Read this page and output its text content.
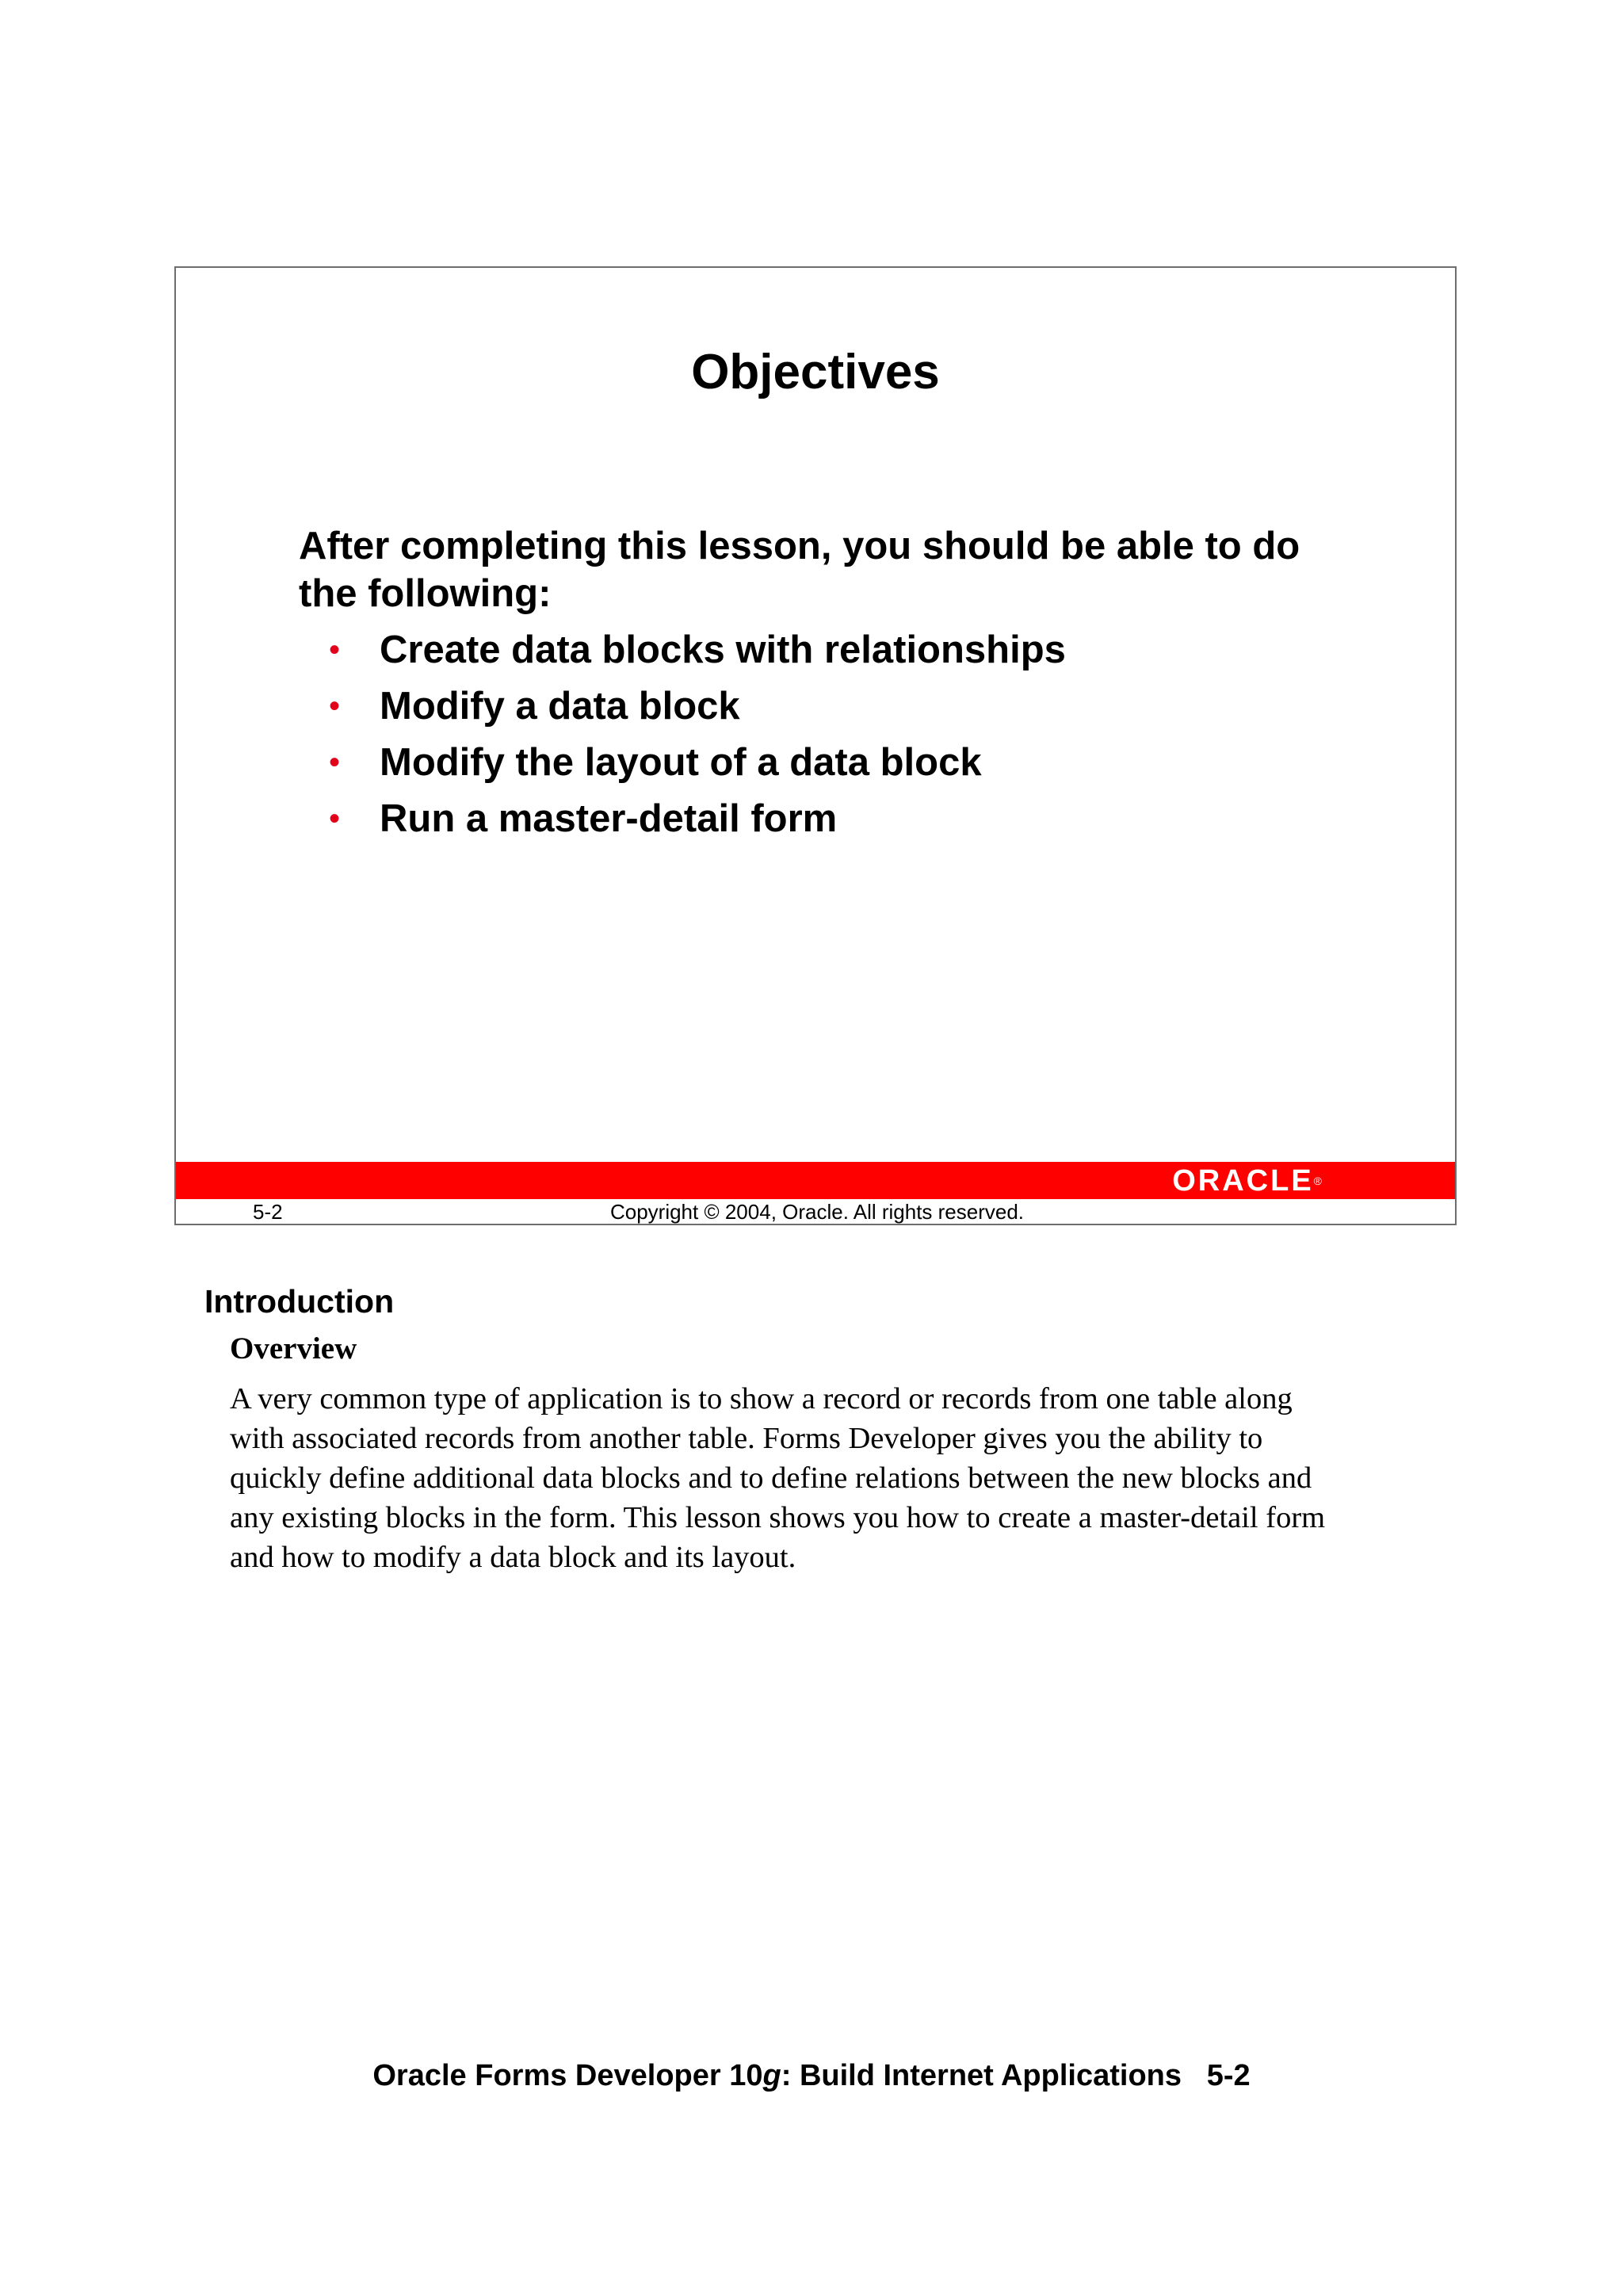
Objectives

After completing this lesson, you should be able to do the following:

• Create data blocks with relationships
• Modify a data block
• Modify the layout of a data block
• Run a master-detail form
ORACLE®
5-2	Copyright © 2004, Oracle. All rights reserved.
Introduction
Overview

A very common type of application is to show a record or records from one table along
with associated records from another table. Forms Developer gives you the ability to
quickly define additional data blocks and to define relations between the new blocks and
any existing blocks in the form. This lesson shows you how to create a master-detail form
and how to modify a data block and its layout.

Oracle Forms Developer 10g: Build Internet Applications 5-2
